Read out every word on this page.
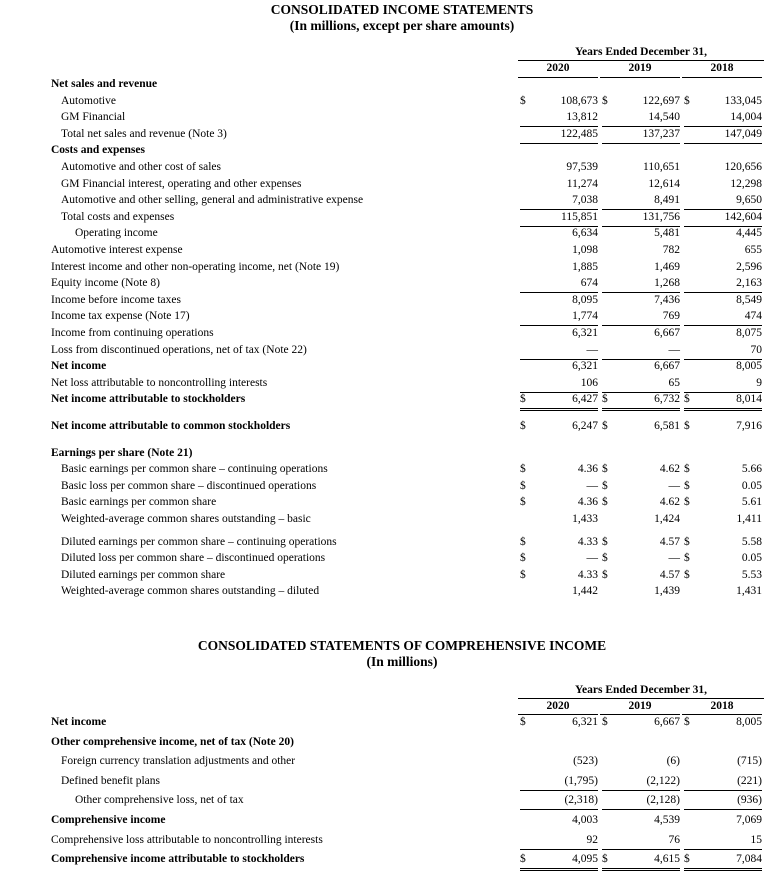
CONSOLIDATED INCOME STATEMENTS
(In millions, except per share amounts)
Years Ended December 31,
2020	2019	2018
Net sales and revenue
Automotive	$	108,673 $	122,697 $	133,045
GM Financial	13,812	14,540	14,004
Total net sales and revenue (Note 3)	122,485	137,237	147,049
Costs and expenses
Automotive and other cost of sales	97,539	110,651	120,656
GM Financial interest, operating and other expenses	11,274	12,614	12,298
Automotive and other selling, general and administrative expense	7,038	8,491	9,650
Total costs and expenses	115,851	131,756	142,604
Operating income	6,634	5,481	4,445
Automotive interest expense	1,098	782	655
Interest income and other non-operating income, net (Note 19)	1,885	1,469	2,596
Equity income (Note 8)	674	1,268	2,163
Income before income taxes	8,095	7,436	8,549
Income tax expense (Note 17)	1,774	769	474
Income from continuing operations	6,321	6,667	8,075
Loss from discontinued operations, net of tax (Note 22)	—	—	70
Net income	6,321	6,667	8,005
Net loss attributable to noncontrolling interests	106	65	9
Net income attributable to stockholders	$	6,427 $	6,732 $	8,014
Net income attributable to common stockholders	$	6,247 $	6,581 $	7,916
Earnings per share (Note 21)
Basic earnings per common share – continuing operations	$	4.36 $	4.62 $	5.66
Basic loss per common share – discontinued operations	$	— $	— $	0.05
Basic earnings per common share	$	4.36 $	4.62 $	5.61
Weighted-average common shares outstanding – basic	1,433	1,424	1,411
Diluted earnings per common share – continuing operations	$	4.33 $	4.57 $	5.58
Diluted loss per common share – discontinued operations	$	— $	— $	0.05
Diluted earnings per common share	$	4.33 $	4.57 $	5.53
Weighted-average common shares outstanding – diluted	1,442	1,439	1,431
CONSOLIDATED STATEMENTS OF COMPREHENSIVE INCOME
(In millions)
Years Ended December 31,
2020	2019	2018
Net income	$	6,321 $	6,667 $	8,005
Other comprehensive income, net of tax (Note 20)
Foreign currency translation adjustments and other	(523)	(6)	(715)
Defined benefit plans	(1,795)	(2,122)	(221)
Other comprehensive loss, net of tax	(2,318)	(2,128)	(936)
Comprehensive income	4,003	4,539	7,069
Comprehensive loss attributable to noncontrolling interests	92	76	15
Comprehensive income attributable to stockholders	$	4,095 $	4,615 $	7,084
